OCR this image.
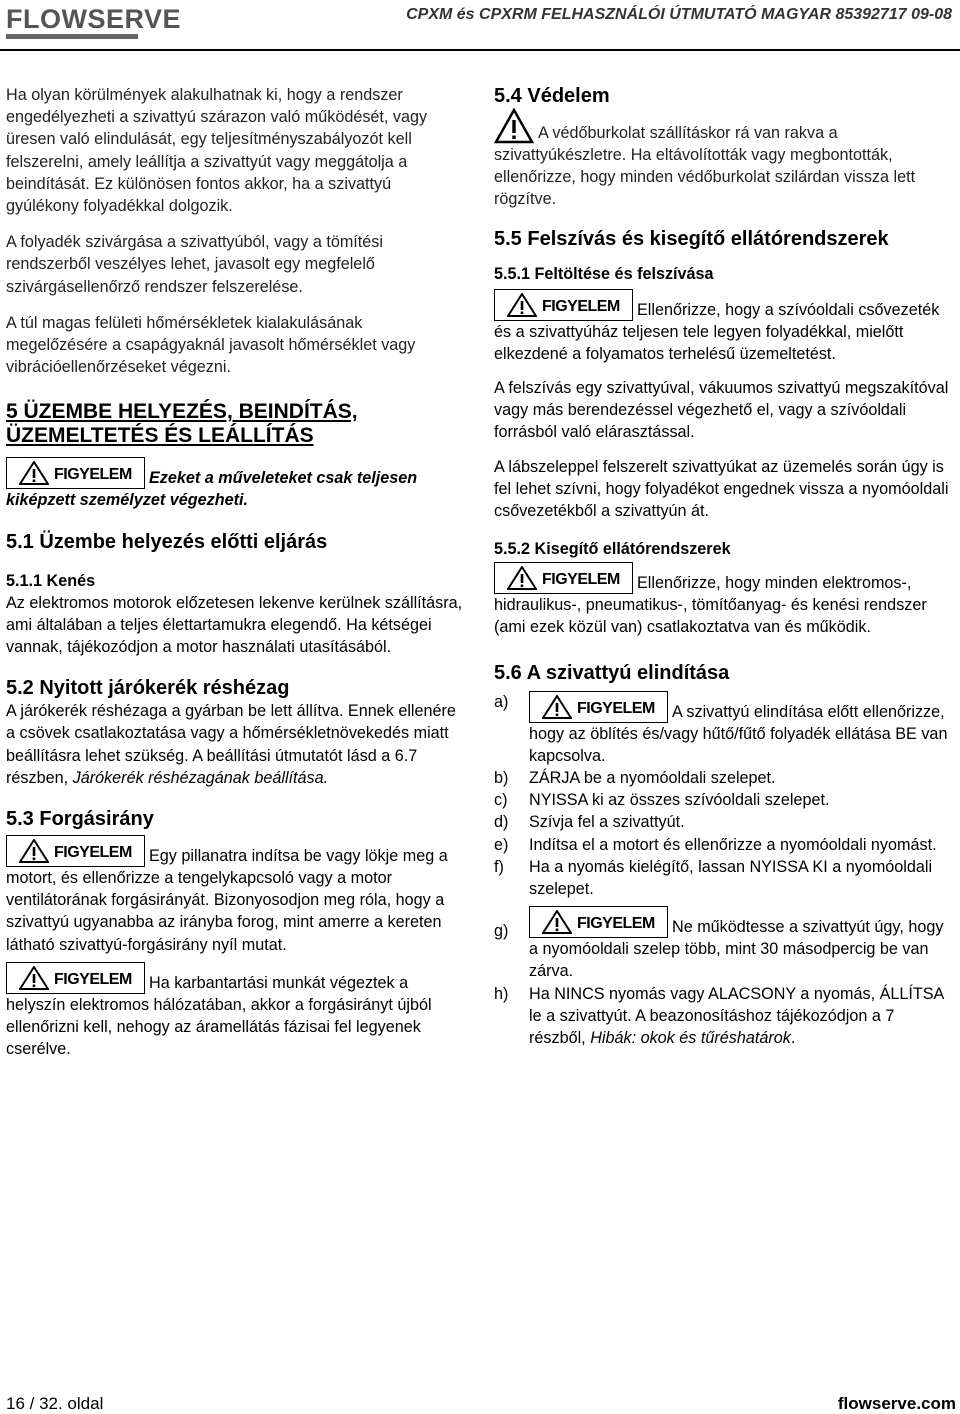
FLOWSERVE	CPXM és CPXRM FELHASZNÁLÓI ÚTMUTATÓ MAGYAR 85392717 09-08

Ha olyan körülmények alakulhatnak ki, hogy a rendszer engedélyezheti a szivattyú szárazon való működését, vagy üresen való elindulását, egy teljesítményszabályozót kell felszerelni, amely leállítja a szivattyút vagy meggátolja a beindítását. Ez különösen fontos akkor, ha a szivattyú gyúlékony folyadékkal dolgozik.

A folyadék szivárgása a szivattyúból, vagy a tömítési rendszerből veszélyes lehet, javasolt egy megfelelő szivárgásellenőrző rendszer felszerelése.

A túl magas felületi hőmérsékletek kialakulásának megelőzésére a csapágyaknál javasolt hőmérséklet vagy vibrációellenőrzéseket végezni.

5 ÜZEMBE HELYEZÉS, BEINDÍTÁS, ÜZEMELTETÉS ÉS LEÁLLÍTÁS

FIGYELEM Ezeket a műveleteket csak teljesen kiképzett személyzet végezheti.

5.1 Üzembe helyezés előtti eljárás
5.1.1 Kenés

Az elektromos motorok előzetesen lekenve kerülnek szállításra, ami általában a teljes élettartamukra elegendő. Ha kétségei vannak, tájékozódjon a motor használati utasításából.

5.2 Nyitott járókerék réshézag

A járókerék réshézaga a gyárban be lett állítva. Ennek ellenére a csövek csatlakoztatása vagy a hőmérsékletnövekedés miatt beállításra lehet szükség. A beállítási útmutatót lásd a 6.7 részben, Járókerék réshézagának beállítása.

5.3 Forgásirány

FIGYELEM Egy pillanatra indítsa be vagy lökje meg a motort, és ellenőrizze a tengelykapcsoló vagy a motor ventilátorának forgásirányát. Bizonyosodjon meg róla, hogy a szivattyú ugyanabba az irányba forog, mint amerre a kereten látható szivattyú-forgásirány nyíl mutat.

FIGYELEM Ha karbantartási munkát végeztek a helyszín elektromos hálózatában, akkor a forgásirányt újból ellenőrizni kell, nehogy az áramellátás fázisai fel legyenek cserélve.

5.4 Védelem

A védőburkolat szállításkor rá van rakva a szivattyúkészletre. Ha eltávolították vagy megbontották, ellenőrizze, hogy minden védőburkolat szilárdan vissza lett rögzítve.

5.5 Felszívás és kisegítő ellátórendszerek
5.5.1 Feltöltése és felszívása

FIGYELEM Ellenőrizze, hogy a szívóoldali csővezeték és a szivattyúház teljesen tele legyen folyadékkal, mielőtt elkezdené a folyamatos terhelésű üzemeltetést.

A felszívás egy szivattyúval, vákuumos szivattyú megszakítóval vagy más berendezéssel végezhető el, vagy a szívóoldali forrásból való elárasztással.

A lábszeleppel felszerelt szivattyúkat az üzemelés során úgy is fel lehet szívni, hogy folyadékot engednek vissza a nyomóoldali csővezetékből a szivattyún át.

5.5.2 Kisegítő ellátórendszerek

FIGYELEM Ellenőrizze, hogy minden elektromos-, hidraulikus-, pneumatikus-, tömítőanyag- és kenési rendszer (ami ezek közül van) csatlakoztatva van és működik.

5.6 A szivattyú elindítása
a)	FIGYELEM A szivattyú elindítása előtt ellenőrizze, hogy az öblítés és/vagy hűtő/fűtő folyadék ellátása BE van kapcsolva.
b) ZÁRJA be a nyomóoldali szelepet.
c) NYISSA ki az összes szívóoldali szelepet.
d) Szívja fel a szivattyút.
e) Indítsa el a motort és ellenőrizze a nyomóoldali nyomást.
f) Ha a nyomás kielégítő, lassan NYISSA KI a nyomóoldali szelepet.
g)	FIGYELEM Ne működtesse a szivattyút úgy, hogy a nyomóoldali szelep több, mint 30 másodpercig be van zárva.
h) Ha NINCS nyomás vagy ALACSONY a nyomás, ÁLLÍTSA le a szivattyút. A beazonosításhoz tájékozódjon a 7 részből, Hibák: okok és tűréshatárok.
16 / 32. oldal	flowserve.com
